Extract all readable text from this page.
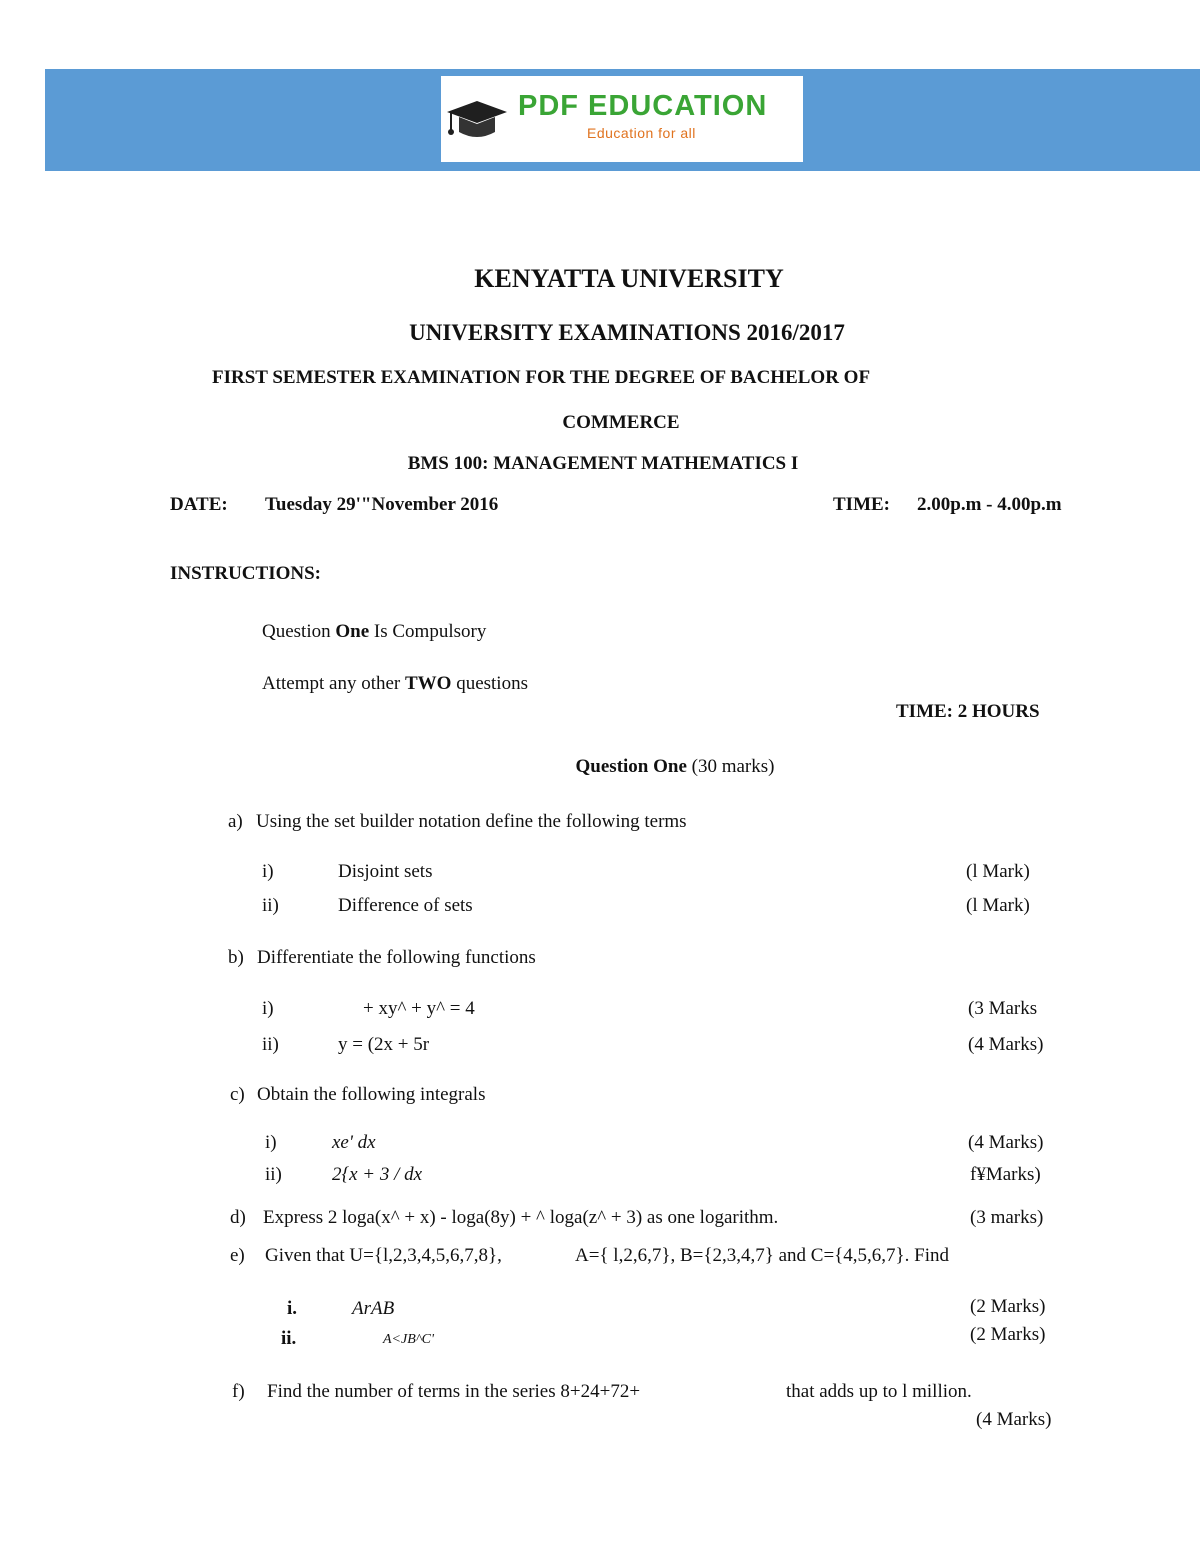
PDF EDUCATION
Education for all
KENYATTA UNIVERSITY
UNIVERSITY EXAMINATIONS 2016/2017
FIRST SEMESTER EXAMINATION FOR THE DEGREE OF BACHELOR OF
COMMERCE
BMS 100: MANAGEMENT MATHEMATICS I
DATE: Tuesday 29'"November 2016	TIME: 2.00p.m - 4.00p.m
INSTRUCTIONS:
Question One Is Compulsory
Attempt any other TWO questions
TIME: 2 HOURS
Question One (30 marks)
a) Using the set builder notation define the following terms
i)	Disjoint sets	(l Mark)
ii)	Difference of sets	(l Mark)
b) Differentiate the following functions
i)	+ xy^ + y^ = 4	(3 Marks
ii)	y = (2x + 5r	(4 Marks)
c) Obtain the following integrals
i)	xe' dx	(4 Marks)
ii)	2{x + 3 / dx	f¥Marks)
d) Express 2 loga(x^ + x) - loga(8y) + ^ loga(z^ + 3) as one logarithm.	(3 marks)
e) Given that U={l,2,3,4,5,6,7,8},	A={ l,2,6,7}, B={2,3,4,7} and C={4,5,6,7}. Find
i.	ArAB	(2 Marks)
ii.	A<JB^C'	(2 Marks)
f) Find the number of terms in the series 8+24+72+	that adds up to l million.
(4 Marks)
